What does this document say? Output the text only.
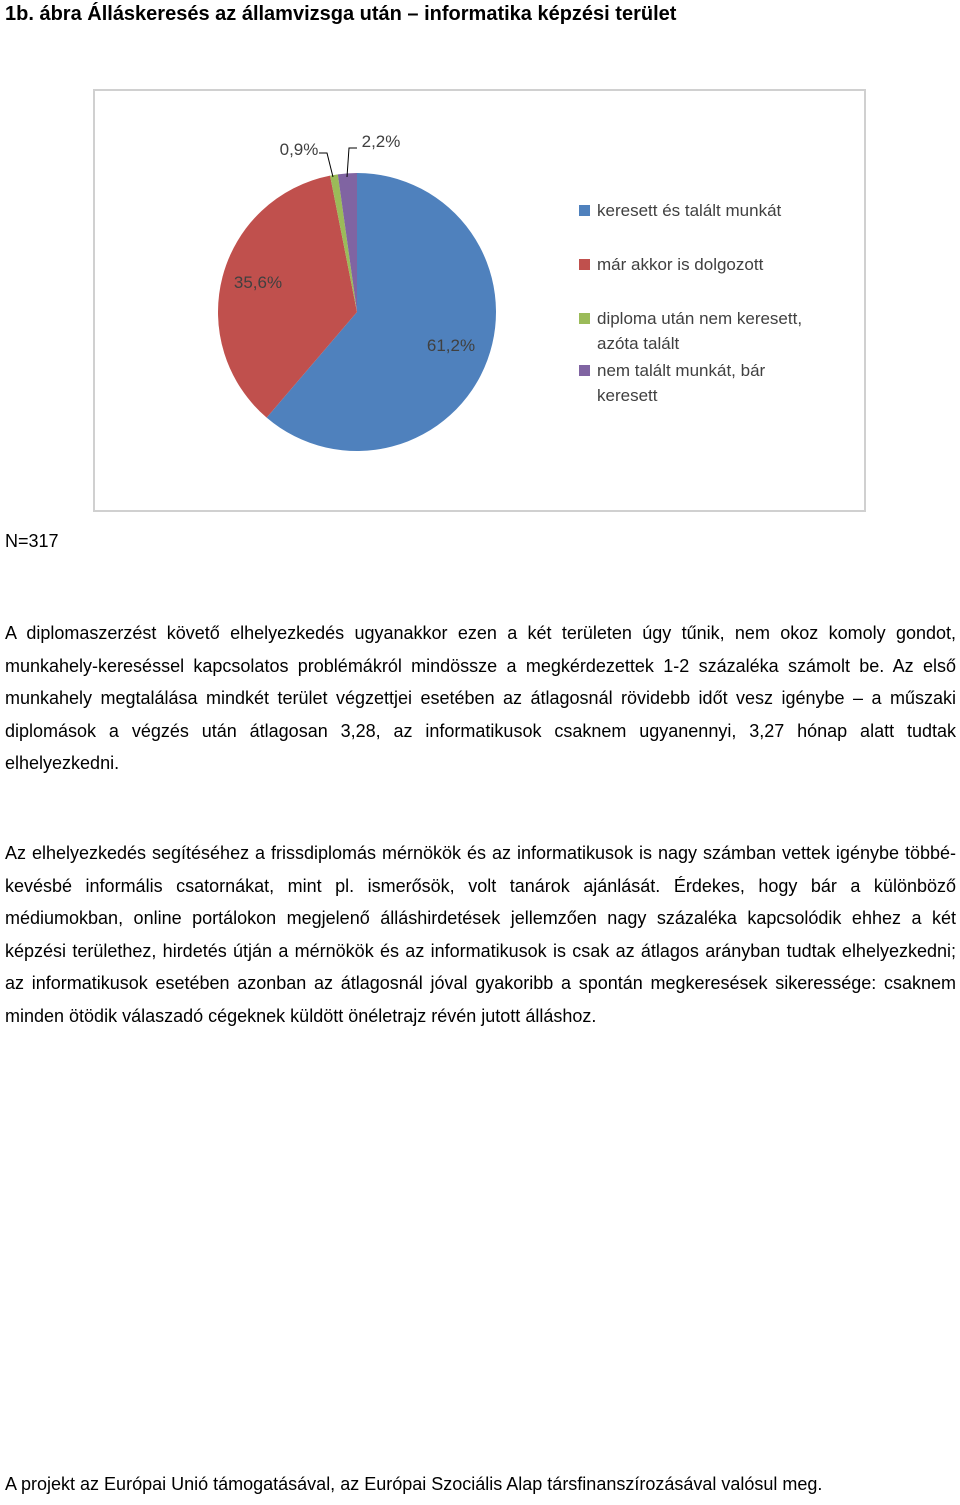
1b. ábra Álláskeresés az államvizsga után – informatika képzési terület
61,2%
35,6%
0,9%	2,2%
keresett és talált munkát
már akkor is dolgozott
diploma után nem keresett, azóta talált
nem talált munkát, bár keresett

N=317

A diplomaszerzést követő elhelyezkedés ugyanakkor ezen a két területen úgy tűnik, nem okoz komoly gondot, munkahely-kereséssel kapcsolatos problémákról mindössze a megkérdezettek 1-2 százaléka számolt be. Az első munkahely megtalálása mindkét terület végzettjei esetében az átlagosnál rövidebb időt vesz igénybe – a műszaki diplomások a végzés után átlagosan 3,28, az informatikusok csaknem ugyanennyi, 3,27 hónap alatt tudtak elhelyezkedni.

Az elhelyezkedés segítéséhez a frissdiplomás mérnökök és az informatikusok is nagy számban vettek igénybe többé-kevésbé informális csatornákat, mint pl. ismerősök, volt tanárok ajánlását. Érdekes, hogy bár a különböző médiumokban, online portálokon megjelenő álláshirdetések jellemzően nagy százaléka kapcsolódik ehhez a két képzési területhez, hirdetés útján a mérnökök és az informatikusok is csak az átlagos arányban tudtak elhelyezkedni; az informatikusok esetében azonban az átlagosnál jóval gyakoribb a spontán megkeresések sikeressége: csaknem minden ötödik válaszadó cégeknek küldött önéletrajz révén jutott álláshoz.

A projekt az Európai Unió támogatásával, az Európai Szociális Alap társfinanszírozásával valósul meg.
